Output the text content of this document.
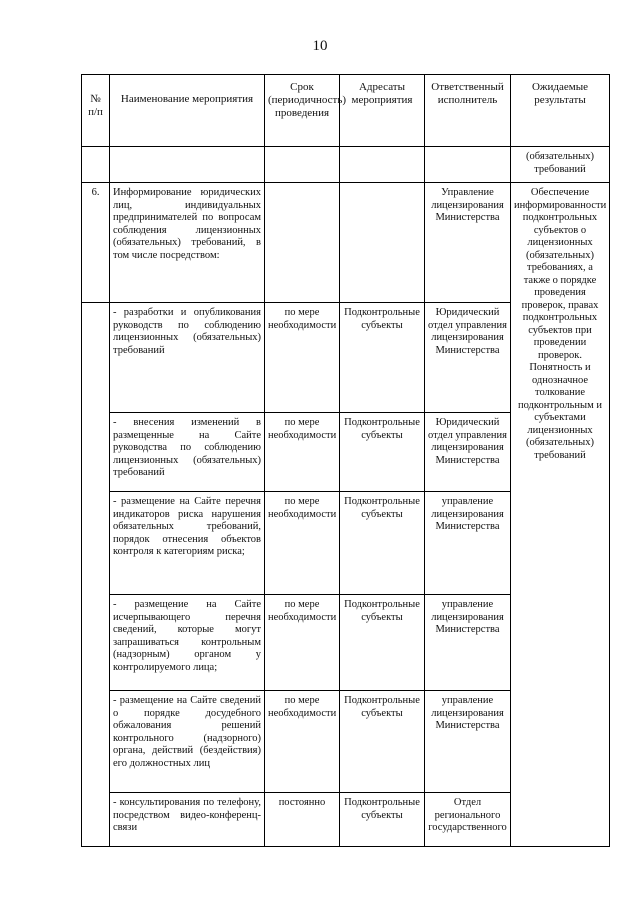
10
№ п/п	Наименование мероприятия	Срок (периодичность) проведения	Адресаты мероприятия	Ответственный исполнитель	Ожидаемые результаты
					(обязательных) требований
6.	Информирование юридических лиц, индивидуальных предпринимателей по вопросам соблюдения лицензионных (обязательных) требований, в том числе посредством:			Управление лицензирования Министерства	Обеспечение информированности подконтрольных субъектов о лицензионных (обязательных) требованиях, а также о порядке проведения проверок, правах подконтрольных субъектов при проведении проверок. Понятность и однозначное толкование подконтрольным и субъектами лицензионных (обязательных) требований
	- разработки и опубликования руководств по соблюдению лицензионных (обязательных) требований	по мере необходимости	Подконтрольные субъекты	Юридический отдел управления лицензирования Министерства	
	- внесения изменений в размещенные на Сайте руководства по соблюдению лицензионных (обязательных) требований	по мере необходимости	Подконтрольные субъекты	Юридический отдел управления лицензирования Министерства	
	- размещение на Сайте перечня индикаторов риска нарушения обязательных требований, порядок отнесения объектов контроля к категориям риска;	по мере необходимости	Подконтрольные субъекты	управление лицензирования Министерства	
	- размещение на Сайте исчерпывающего перечня сведений, которые могут запрашиваться контрольным (надзорным) органом у контролируемого лица;	по мере необходимости	Подконтрольные субъекты	управление лицензирования Министерства	
	- размещение на Сайте сведений о порядке досудебного обжалования решений контрольного (надзорного) органа, действий (бездействия) его должностных лиц	по мере необходимости	Подконтрольные субъекты	управление лицензирования Министерства	
	- консультирования по телефону, посредством видео-конференц-связи	постоянно	Подконтрольные субъекты	Отдел регионального государственного	
